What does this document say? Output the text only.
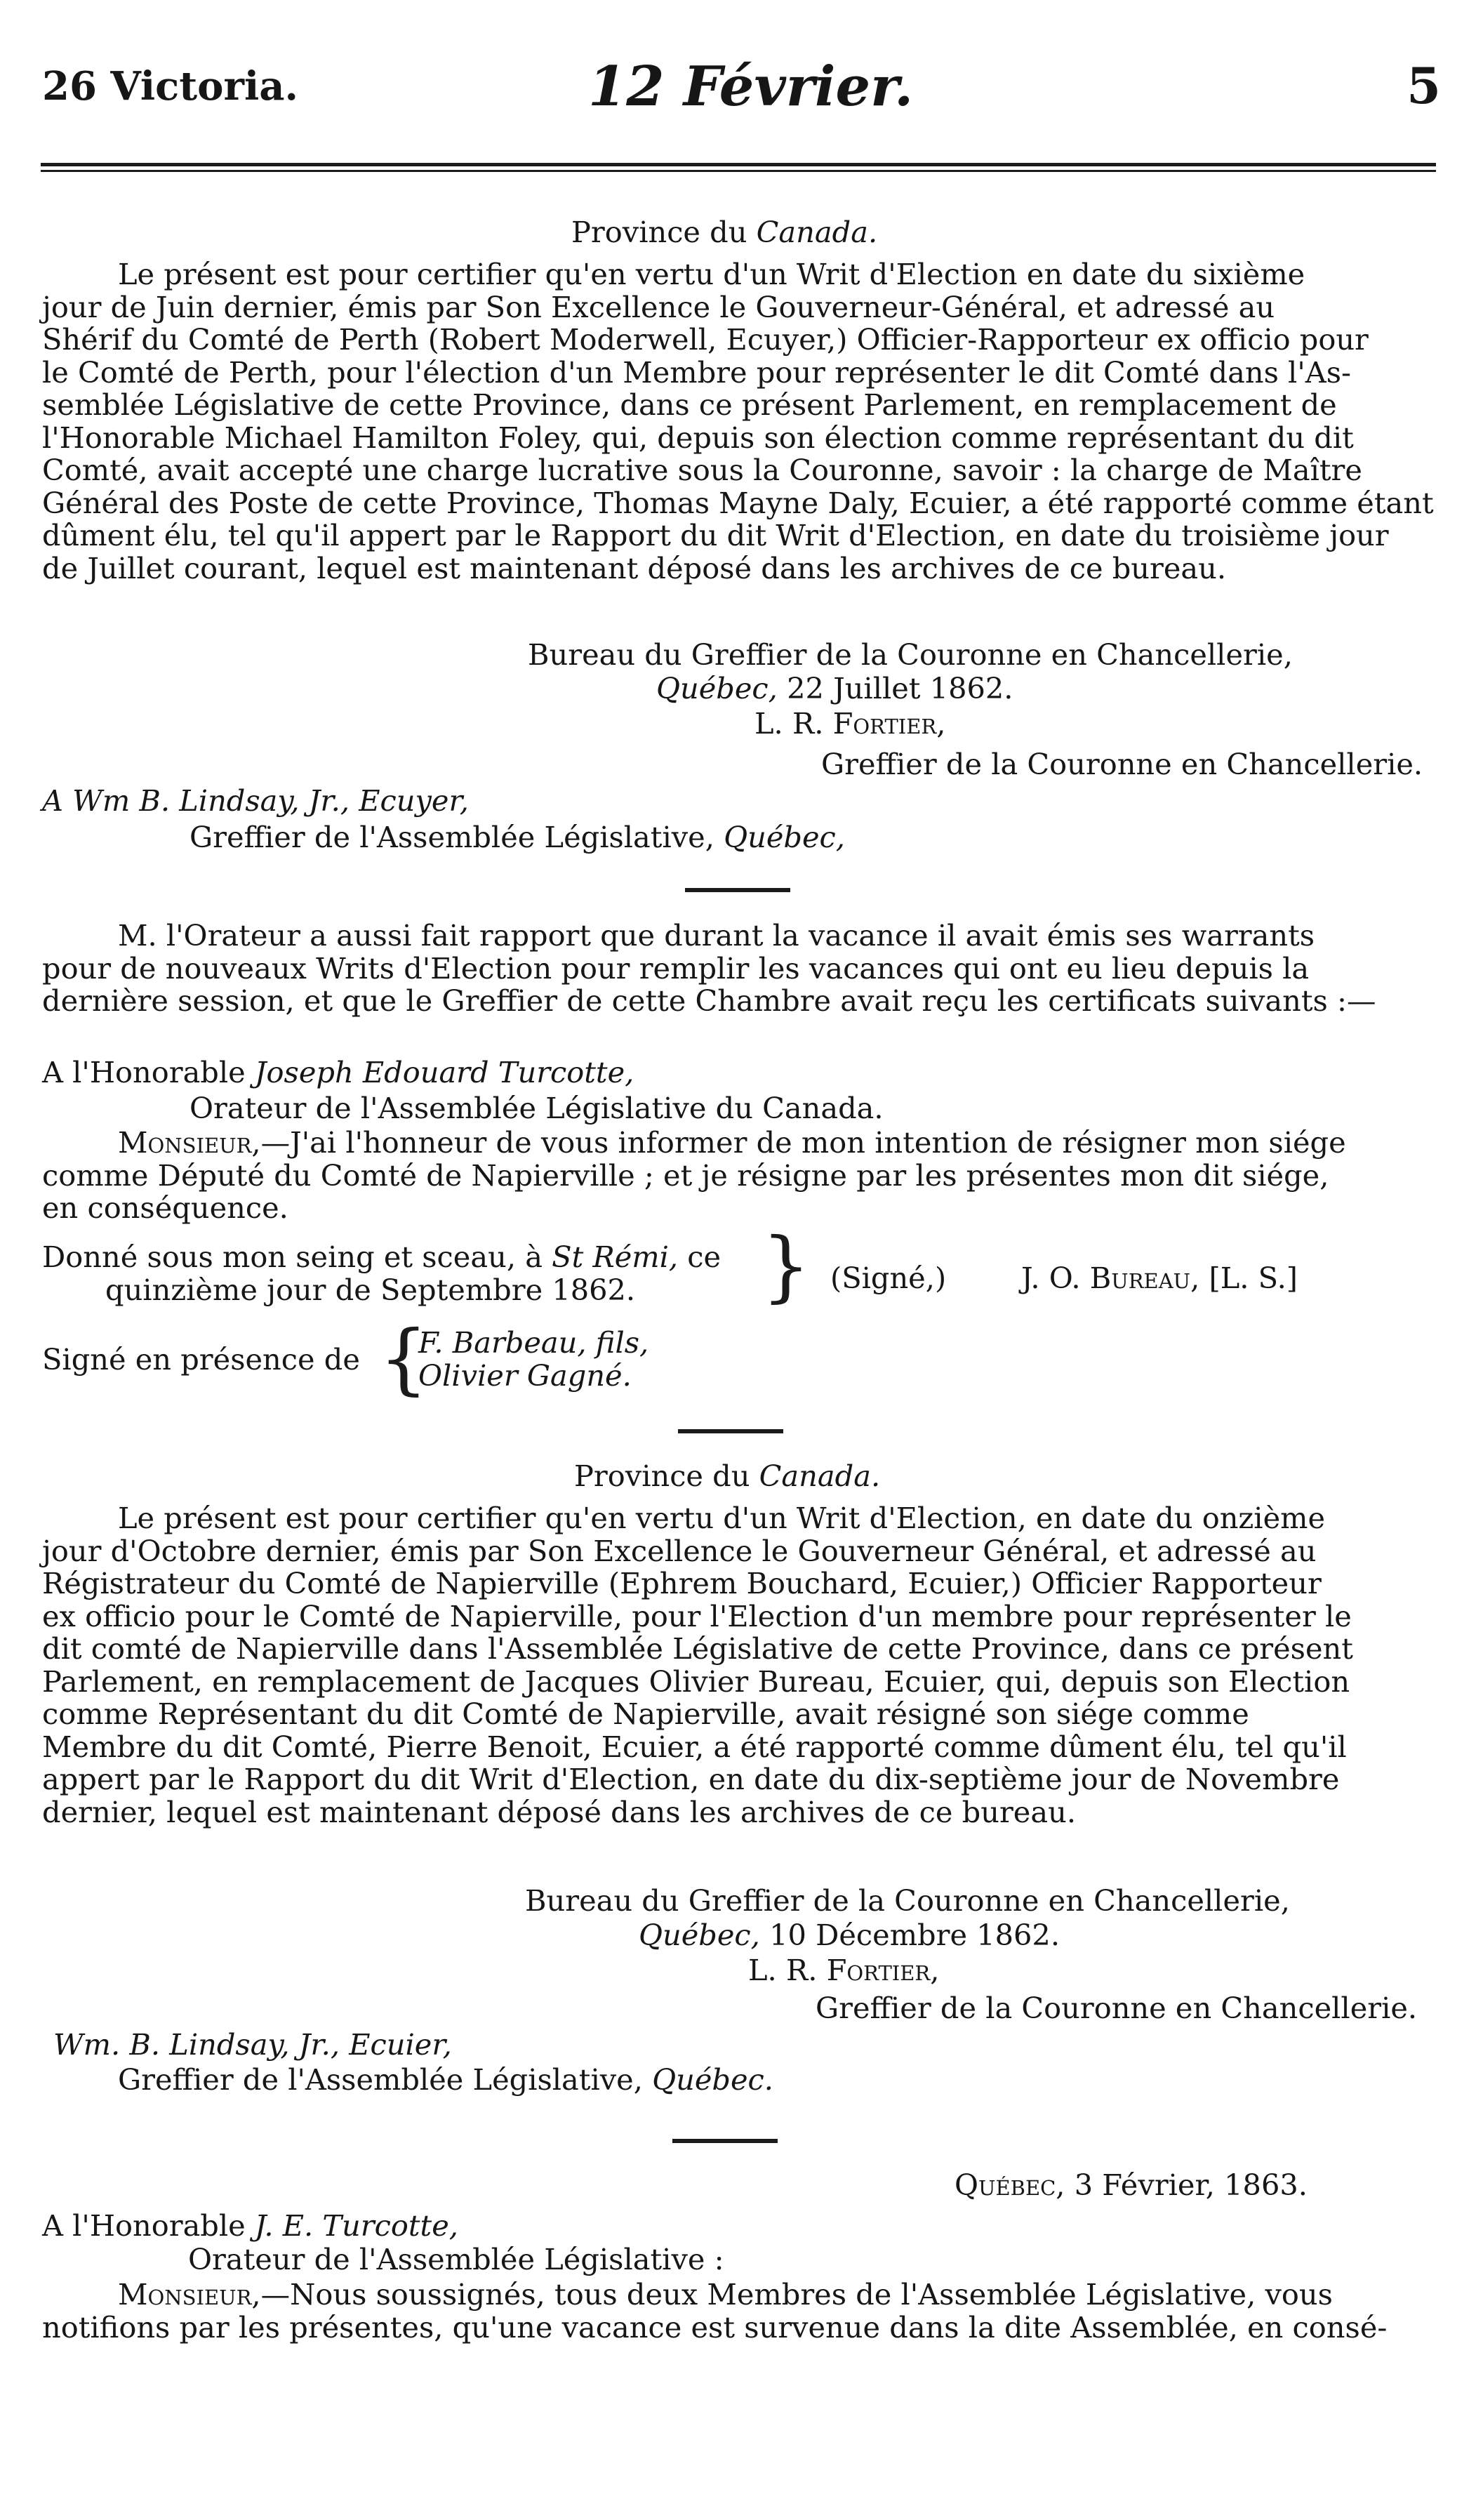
26 Victoria.	12 Février.	5
Province du Canada.
Le présent est pour certifier qu'en vertu d'un Writ d'Election en date du sixième
jour de Juin dernier, émis par Son Excellence le Gouverneur-Général, et adressé au
Shérif du Comté de Perth (Robert Moderwell, Ecuyer,) Officier-Rapporteur ex officio pour
le Comté de Perth, pour l'élection d'un Membre pour représenter le dit Comté dans l'As-
semblée Législative de cette Province, dans ce présent Parlement, en remplacement de
l'Honorable Michael Hamilton Foley, qui, depuis son élection comme représentant du dit
Comté, avait accepté une charge lucrative sous la Couronne, savoir : la charge de Maître
Général des Poste de cette Province, Thomas Mayne Daly, Ecuier, a été rapporté comme étant
dûment élu, tel qu'il appert par le Rapport du dit Writ d'Election, en date du troisième jour
de Juillet courant, lequel est maintenant déposé dans les archives de ce bureau.
Bureau du Greffier de la Couronne en Chancellerie,
Québec, 22 Juillet 1862.
L. R. Fortier,
Greffier de la Couronne en Chancellerie.
A Wm B. Lindsay, Jr., Ecuyer,
Greffier de l'Assemblée Législative, Québec,
M. l'Orateur a aussi fait rapport que durant la vacance il avait émis ses warrants
pour de nouveaux Writs d'Election pour remplir les vacances qui ont eu lieu depuis la
dernière session, et que le Greffier de cette Chambre avait reçu les certificats suivants :—
A l'Honorable Joseph Edouard Turcotte,
Orateur de l'Assemblée Législative du Canada.
Monsieur,—J'ai l'honneur de vous informer de mon intention de résigner mon siége
comme Député du Comté de Napierville ; et je résigne par les présentes mon dit siége,
en conséquence.
Donné sous mon seing et sceau, à St Rémi, ce
quinzième jour de Septembre 1862.	} (Signé,)	J. O. Bureau, [L. S.]
Signé en présence de {
F. Barbeau, fils,
Olivier Gagné.
Province du Canada.
Le présent est pour certifier qu'en vertu d'un Writ d'Election, en date du onzième
jour d'Octobre dernier, émis par Son Excellence le Gouverneur Général, et adressé au
Régistrateur du Comté de Napierville (Ephrem Bouchard, Ecuier,) Officier Rapporteur
ex officio pour le Comté de Napierville, pour l'Election d'un membre pour représenter le
dit comté de Napierville dans l'Assemblée Législative de cette Province, dans ce présent
Parlement, en remplacement de Jacques Olivier Bureau, Ecuier, qui, depuis son Election
comme Représentant du dit Comté de Napierville, avait résigné son siége comme
Membre du dit Comté, Pierre Benoit, Ecuier, a été rapporté comme dûment élu, tel qu'il
appert par le Rapport du dit Writ d'Election, en date du dix-septième jour de Novembre
dernier, lequel est maintenant déposé dans les archives de ce bureau.
Bureau du Greffier de la Couronne en Chancellerie,
Québec, 10 Décembre 1862.
L. R. Fortier,
Greffier de la Couronne en Chancellerie.
Wm. B. Lindsay, Jr., Ecuier,
Greffier de l'Assemblée Législative, Québec.
Québec, 3 Février, 1863.
A l'Honorable J. E. Turcotte,
Orateur de l'Assemblée Législative :
Monsieur,—Nous soussignés, tous deux Membres de l'Assemblée Législative, vous
notifions par les présentes, qu'une vacance est survenue dans la dite Assemblée, en consé-
